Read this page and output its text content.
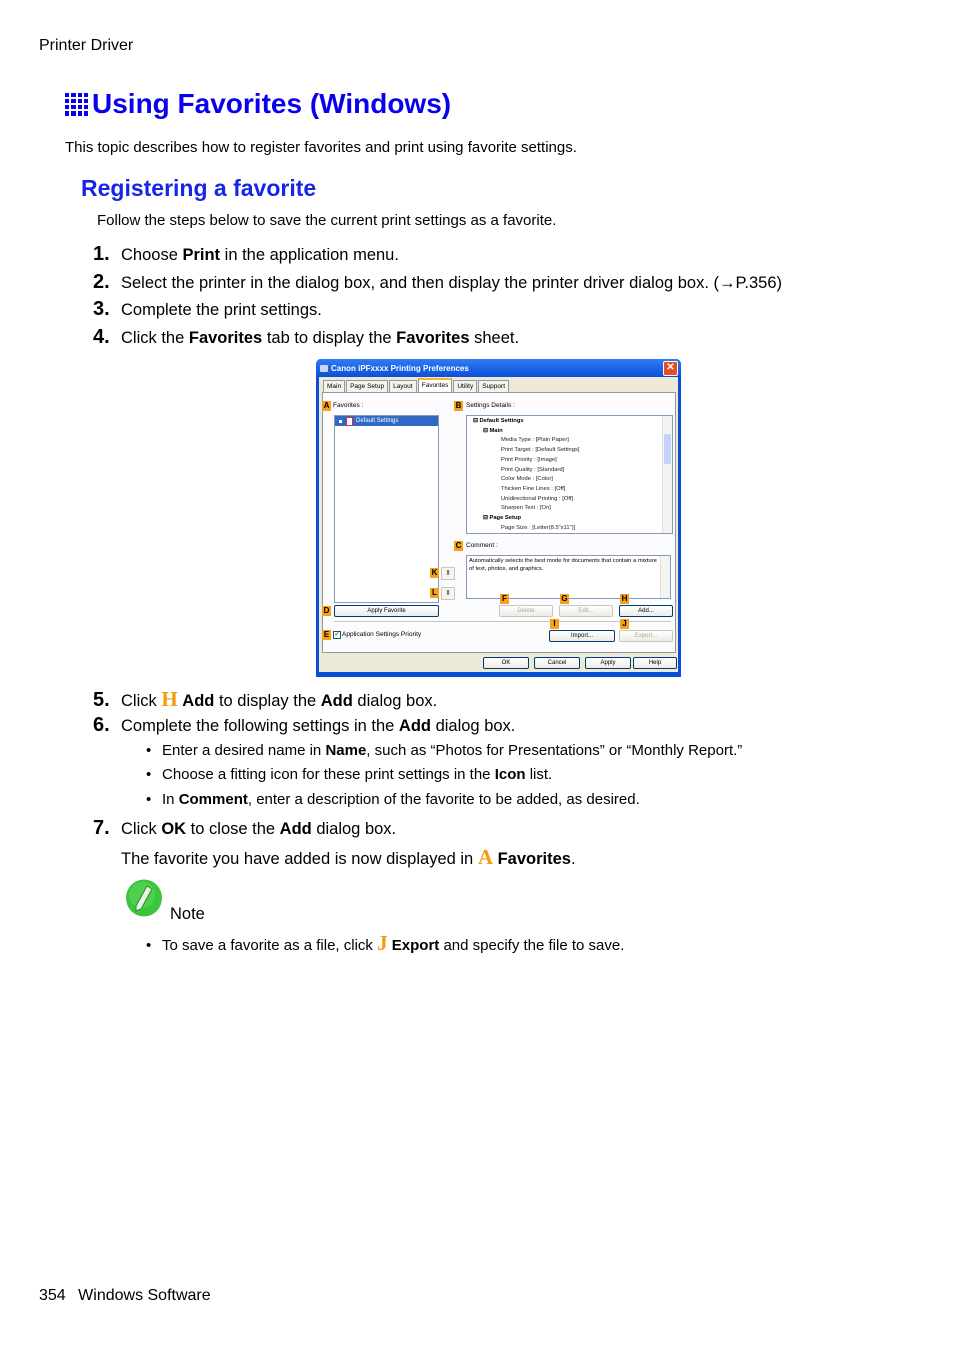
Printer Driver
Using Favorites (Windows)
This topic describes how to register favorites and print using favorite settings.
Registering a favorite
Follow the steps below to save the current print settings as a favorite.
1. Choose Print in the application menu.
2. Select the printer in the dialog box, and then display the printer driver dialog box. (→P.356)
3. Complete the print settings.
4. Click the Favorites tab to display the Favorites sheet.
Canon iPFxxxx Printing Preferences	✕
Main	Page Setup	Layout	Favorites	Utility	Support
A Favorites :
Default Settings
B Settings Details :
⊟ Default Settings
⊟ Main
Media Type : [Plain Paper]
Print Target : [Default Settings]
Print Priority : [Image]
Print Quality : [Standard]
Color Mode : [Color]
Thicken Fine Lines : [Off]
Unidirectional Printing : [Off]
Sharpen Text : [On]
⊟ Page Setup
Page Size : [Letter(8.5"x11")]
C Comment :
Automatically selects the best mode for documents that contain a mixture of text, photos, and graphics.
K	▮
L	▮
D	Apply Favorite
F
Delete
G
Edit...
H
Add...
E ✔ Application Settings Priority
I
Import...
J
Export...
OK	Cancel	Apply	Help
5. Click H Add to display the Add dialog box.
6. Complete the following settings in the Add dialog box.
• Enter a desired name in Name, such as “Photos for Presentations” or “Monthly Report.”
• Choose a fitting icon for these print settings in the Icon list.
• In Comment, enter a description of the favorite to be added, as desired.
7. Click OK to close the Add dialog box.
The favorite you have added is now displayed in A Favorites.
Note
• To save a favorite as a file, click J Export and specify the file to save.
354 Windows Software
